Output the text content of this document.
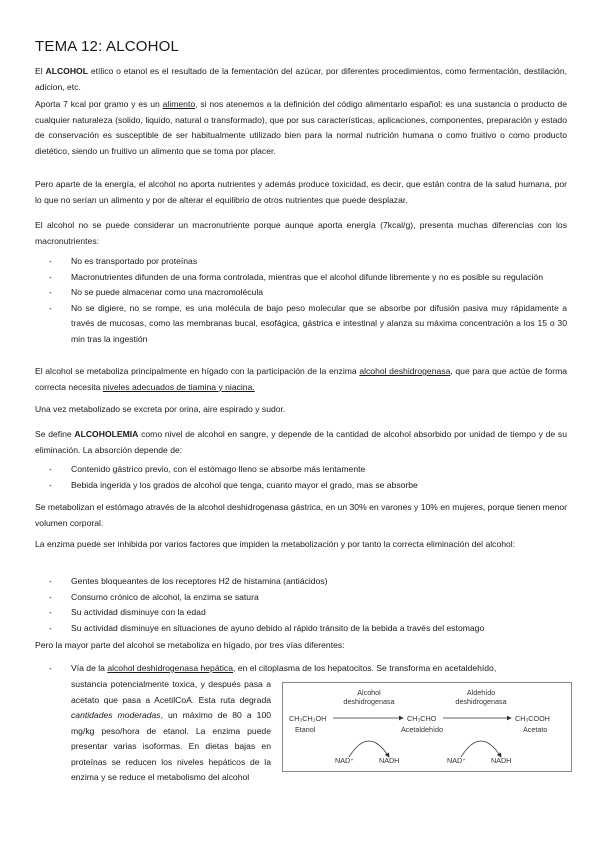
TEMA 12: ALCOHOL

El ALCOHOL etílico o etanol es el resultado de la fementación del azúcar, por diferentes procedimientos, como fermentación, destilación, adicion, etc.

Aporta 7 kcal por gramo y es un alimento, si nos atenemos a la definición del código alimentario español: es una sustancia o producto de cualquier naturaleza (solido, liquido, natural o transformado), que por sus características, aplicaciones, componentes, preparación y estado de conservación es susceptible de ser habitualmente utilizado bien para la normal nutrición humana o como fruitivo o como producto dietético, siendo un fruitivo un alimento que se toma por placer.

Pero aparte de la energía, el alcohol no aporta nutrientes y además produce toxicidad, es decir, que están contra de la salud humana, por lo que no serían un alimento y por de alterar el equilibrio de otros nutrientes que puede desplazar.

El alcohol no se puede considerar un macronutriente porque aunque aporta energía (7kcal/g), presenta muchas diferencias con los macronutrientes:

- No es transportado por proteínas
- Macronutrientes difunden de una forma controlada, mientras que el alcohol difunde libremente y no es posible su regulación
- No se puede almacenar como una macromolécula
- No se digiere, no se rompe, es una molécula de bajo peso molecular que se absorbe por difusión pasiva muy rápidamente a través de mucosas, como las membranas bucal, esofágica, gástrica e intestinal y alanza su máxima concentración a los 15 o 30 min tras la ingestión

El alcohol se metaboliza principalmente en hígado con la participación de la enzima alcohol deshidrogenasa, que para que actúe de forma correcta necesita niveles adecuados de tiamina y niacina.

Una vez metabolizado se excreta por orina, aire espirado y sudor.

Se define ALCOHOLEMIA como nivel de alcohol en sangre, y depende de la cantidad de alcohol absorbido por unidad de tiempo y de su eliminación. La absorción depende de:

- Contenido gástrico previo, con el estómago lleno se absorbe más lentamente
- Bebida ingerida y los grados de alcohol que tenga, cuanto mayor el grado, mas se absorbe

Se metabolizan el estómago através de la alcohol deshidrogenasa gástrica, en un 30% en varones y 10% en mujeres, porque tienen menor volumen corporal.

La enzima puede ser inhibida por varios factores que impiden la metabolización y por tanto la correcta eliminación del alcohol:

- Gentes bloqueantes de los receptores H2 de histamina (antiácidos)
- Consumo crónico de alcohol, la enzima se satura
- Su actividad disminuye con la edad
- Su actividad disminuye en situaciones de ayuno debido al rápido tránsito de la bebida a través del estomago

Pero la mayor parte del alcohol se metaboliza en hígado, por tres vías diferentes:

- Vía de la alcohol deshidrogenasa hepática, en el citoplasma de los hepatocitos. Se transforma en acetaldehído,

sustancia potencialmente toxica, y después pasa a acetato que pasa a AcetilCoA. Esta ruta degrada cantidades moderadas, un máximo de 80 a 100 mg/kg peso/hora de etanol. La enzima puede presentar varias isoformas. En dietas bajas en proteínas se reducen los niveles hepáticos de la enzima y se reduce el metabolismo del alcohol

Alcohol
deshidrogenasa
Aldehído
deshidrogenasa
CH₃CH₂OH
Etanol
CH₃CHO
Acetaldehído
CH₃COOH
Acetato
NAD⁺	NADH	NAD⁺	NADH
